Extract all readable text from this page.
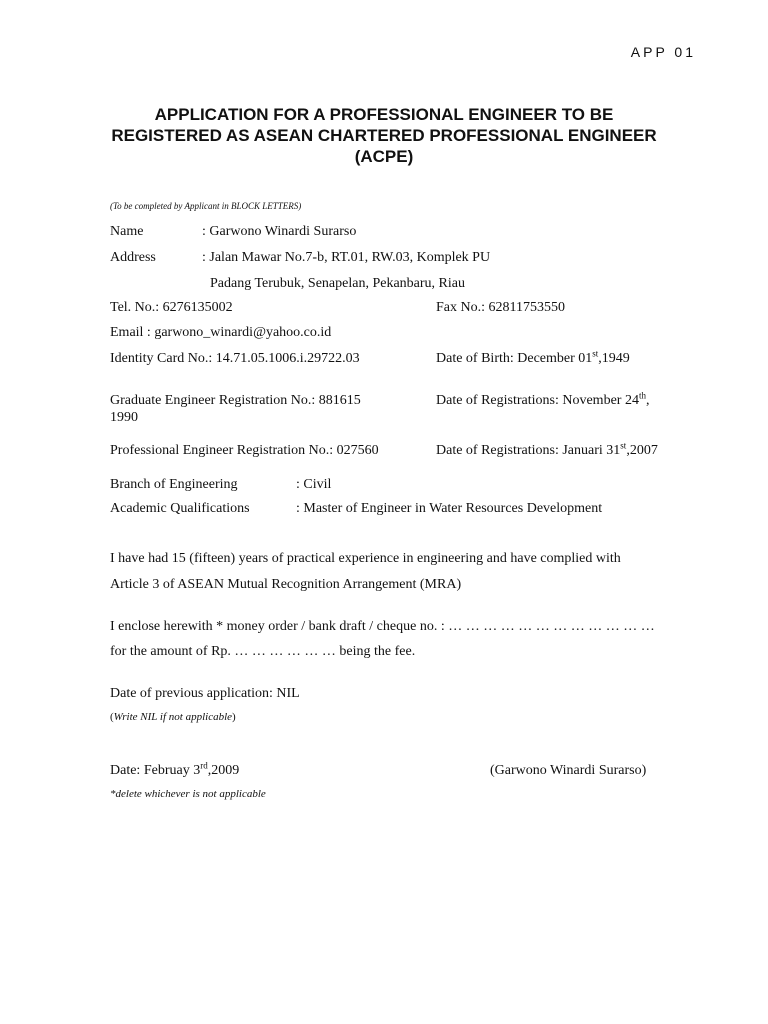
APP 01
APPLICATION FOR A PROFESSIONAL ENGINEER TO BE
REGISTERED AS ASEAN CHARTERED PROFESSIONAL ENGINEER
(ACPE)
(To be completed by Applicant in BLOCK LETTERS)
Name	: Garwono Winardi Surarso
Address	: Jalan Mawar No.7-b, RT.01, RW.03, Komplek PU
Padang Terubuk, Senapelan, Pekanbaru, Riau
Tel. No.: 6276135002	Fax No.: 62811753550
Email : garwono_winardi@yahoo.co.id
Identity Card No.: 14.71.05.1006.i.29722.03	Date of Birth: December 01st,1949
Graduate Engineer Registration No.: 881615	Date of Registrations: November 24th,
1990
Professional Engineer Registration No.: 027560	Date of Registrations: Januari 31st,2007
Branch of Engineering	: Civil
Academic Qualifications	: Master of Engineer in Water Resources Development
I have had 15 (fifteen) years of practical experience in engineering and have complied with
Article 3 of ASEAN Mutual Recognition Arrangement (MRA)
I enclose herewith * money order / bank draft / cheque no. : … … … … … … … … … … … …
for the amount of Rp. … … … … … … being the fee.
Date of previous application: NIL
(Write NIL if not applicable)
Date: Februay 3rd,2009	(Garwono Winardi Surarso)
*delete whichever is not applicable
